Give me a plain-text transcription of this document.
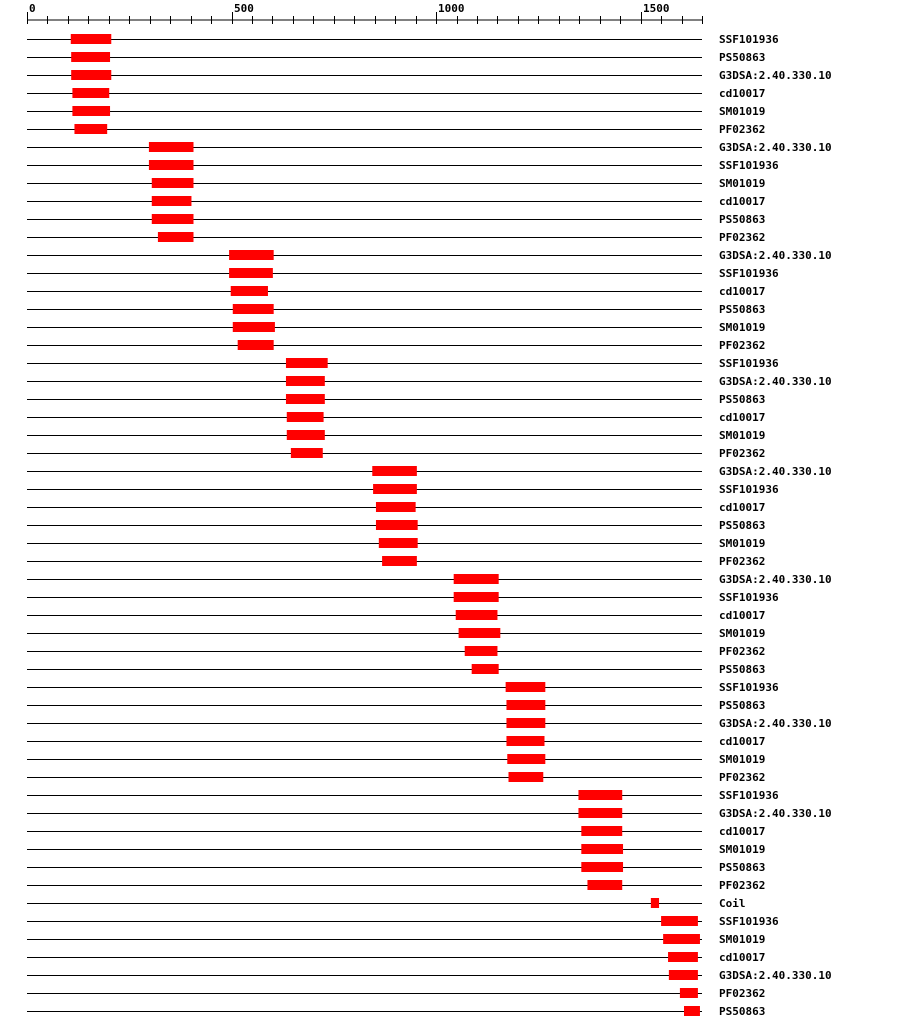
0	500	1000	1500
SSF101936
PS50863
G3DSA:2.40.330.10
cd10017
SM01019
PF02362
G3DSA:2.40.330.10
SSF101936
SM01019
cd10017
PS50863
PF02362
G3DSA:2.40.330.10
SSF101936
cd10017
PS50863
SM01019
PF02362
SSF101936
G3DSA:2.40.330.10
PS50863
cd10017
SM01019
PF02362
G3DSA:2.40.330.10
SSF101936
cd10017
PS50863
SM01019
PF02362
G3DSA:2.40.330.10
SSF101936
cd10017
SM01019
PF02362
PS50863
SSF101936
PS50863
G3DSA:2.40.330.10
cd10017
SM01019
PF02362
SSF101936
G3DSA:2.40.330.10
cd10017
SM01019
PS50863
PF02362
Coil
SSF101936
SM01019
cd10017
G3DSA:2.40.330.10
PF02362
PS50863
